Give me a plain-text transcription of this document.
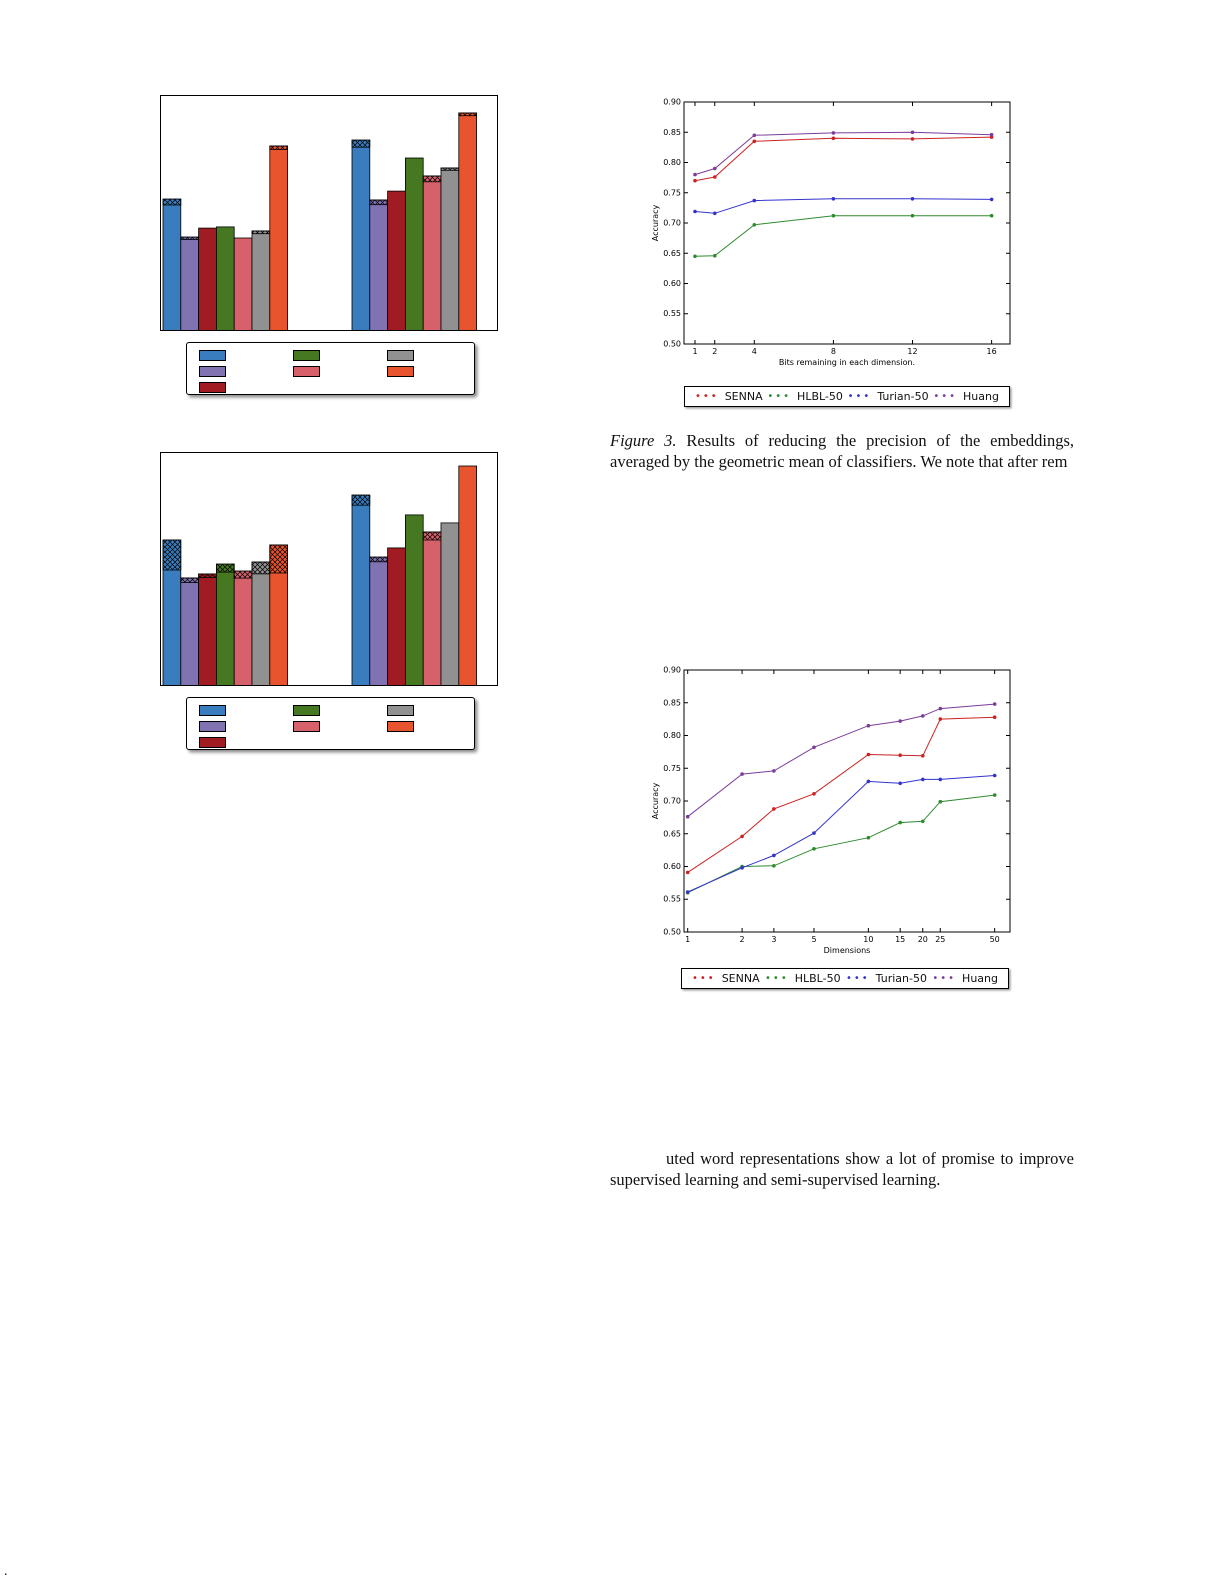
0.50
0.55
0.60
0.65
0.70
0.75
0.80
0.85
0.90
1 2	4	8	12	16
Bits remaining in each dimension.
Accuracy
••• SENNA ••• HLBL-50 ••• Turian-50 ••• Huang

Figure 3. Results of reducing the precision of the embeddings, averaged by the geometric mean of classifiers. We note that after rem

0.50
0.55
0.60
0.65
0.70
0.75
0.80
0.85
0.90
1	2	3	5	10	15 20 25	50
Dimensions
Accuracy
••• SENNA ••• HLBL-50 ••• Turian-50 ••• Huang

uted word representations show a lot of promise to improve supervised learning and semi-supervised learning.

.
